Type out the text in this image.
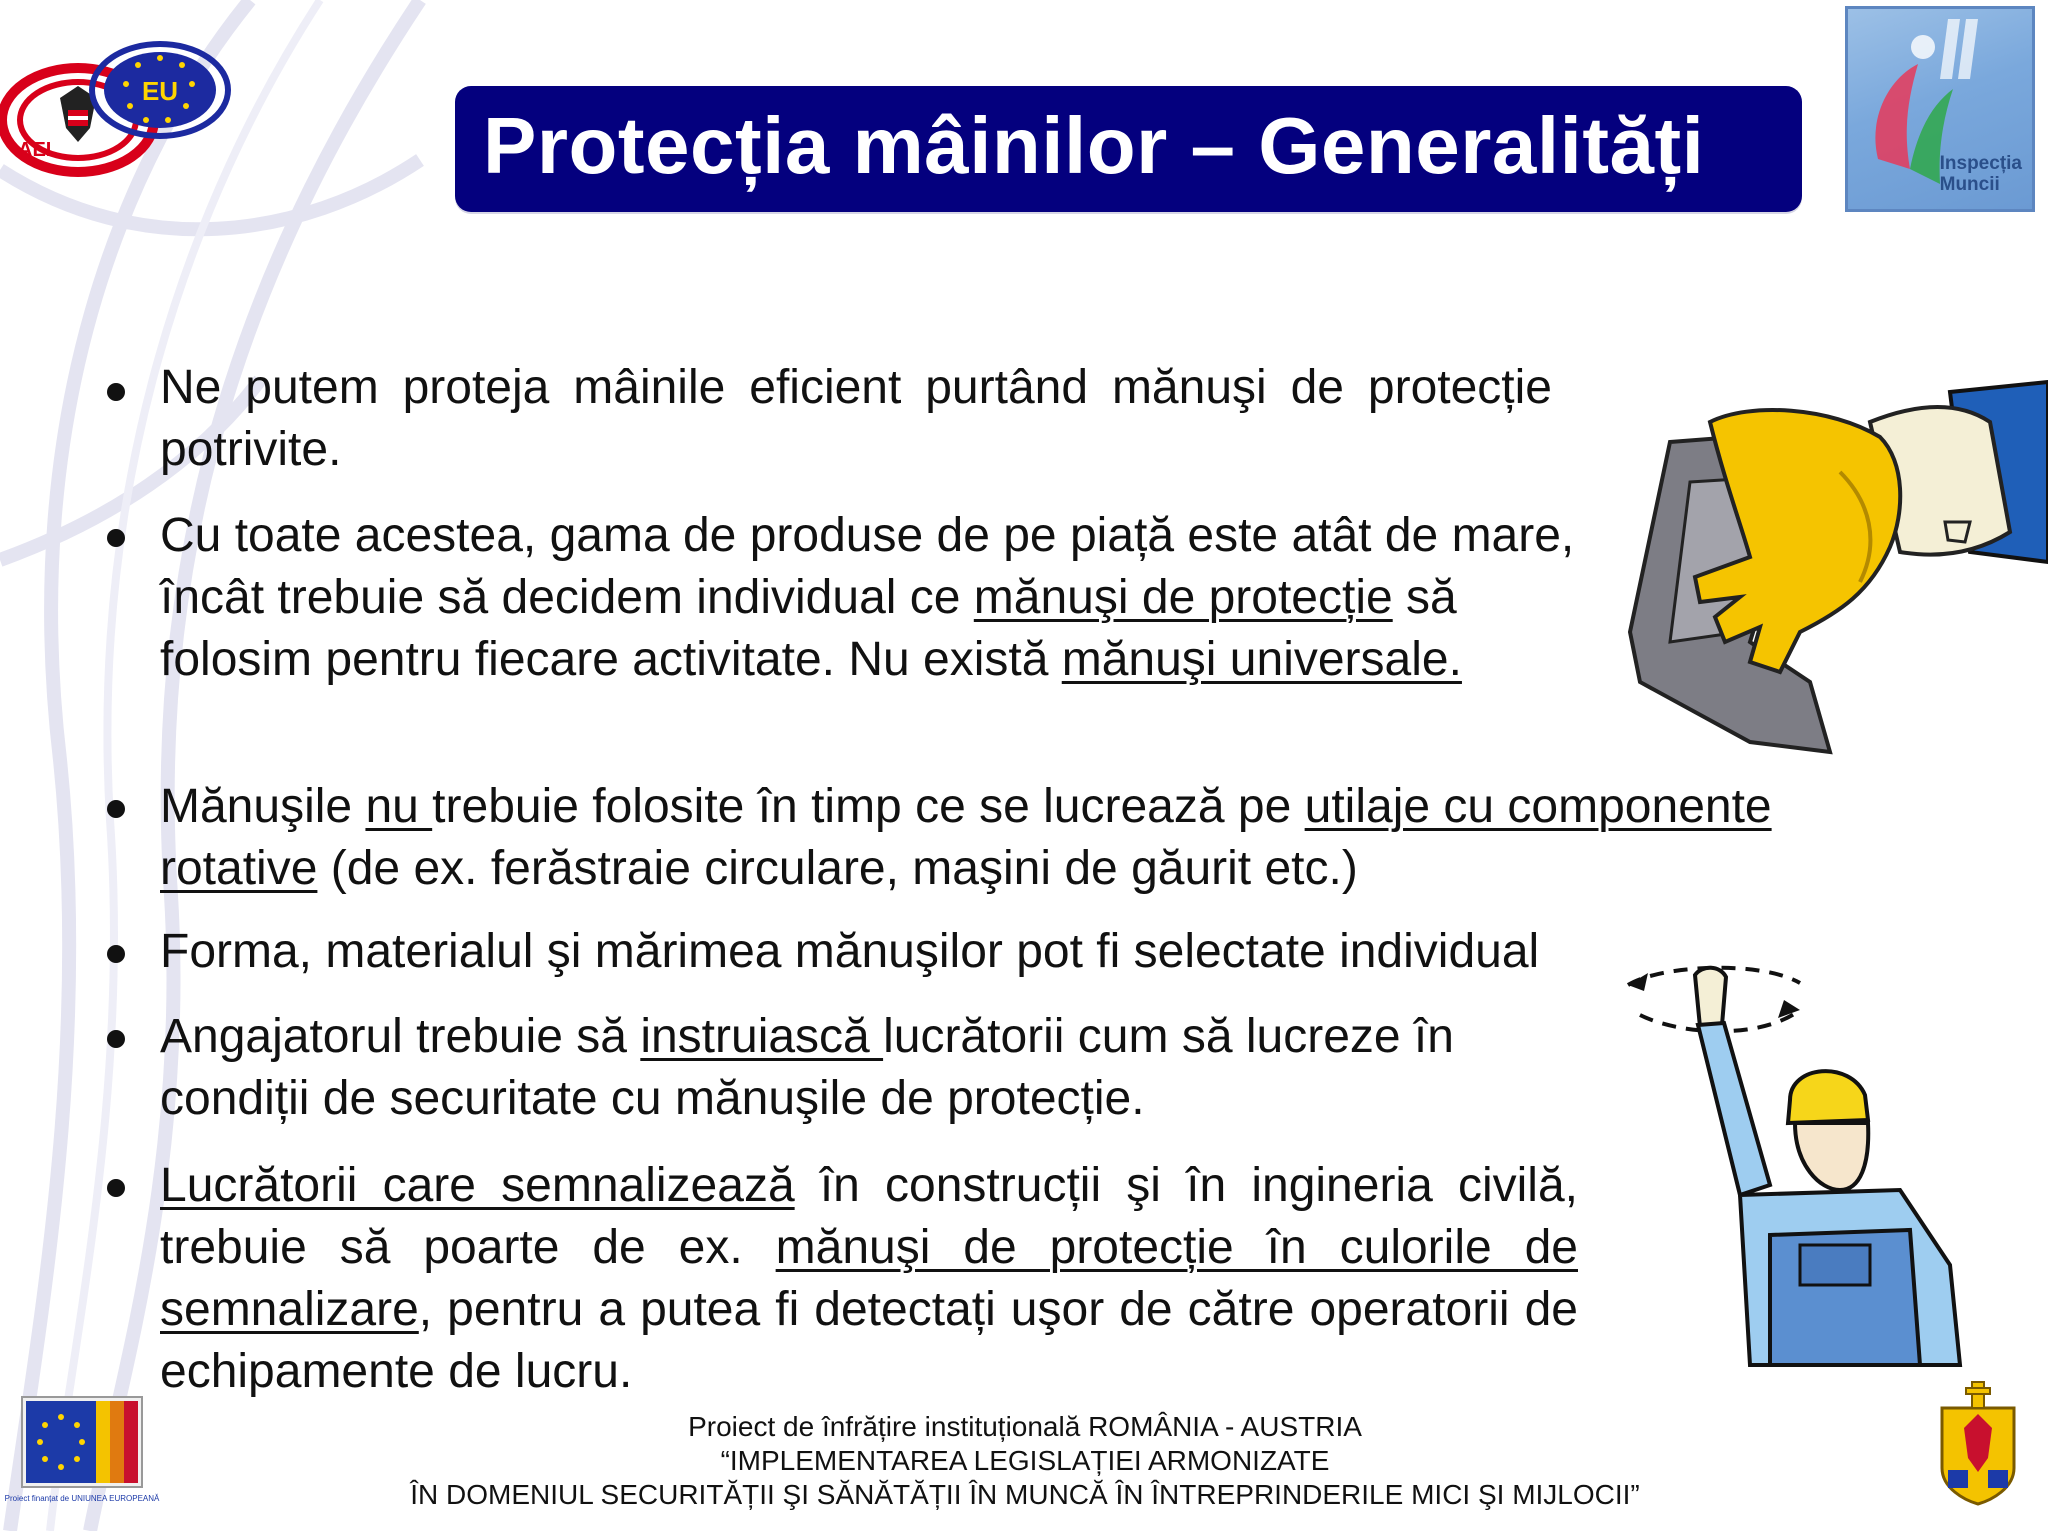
EU
AEI	Protecția mâinilor – Generalități	Inspecția
Muncii
Ne putem proteja mâinile eficient purtând mănuşi de protecție potrivite.
Cu toate acestea, gama de produse de pe piață este atât de mare, încât trebuie să decidem individual ce mănuşi de protecție să folosim pentru fiecare activitate. Nu există mănuşi universale.
Mănuşile nu trebuie folosite în timp ce se lucrează pe utilaje cu componente rotative (de ex. ferăstraie circulare, maşini de găurit etc.)
Forma, materialul şi mărimea mănuşilor pot fi selectate individual
Angajatorul trebuie să instruiască lucrătorii cum să lucreze în condiții de securitate cu mănuşile de protecție.
Lucrătorii care semnalizează în construcții şi în ingineria civilă, trebuie să poarte de ex. mănuşi de protecție în culorile de semnalizare, pentru a putea fi detectați uşor de către operatorii de echipamente de lucru.
Proiect finanțat de UNIUNEA EUROPEANĂ
Proiect de înfrățire instituțională ROMÂNIA - AUSTRIA
“IMPLEMENTAREA LEGISLAȚIEI ARMONIZATE
ÎN DOMENIUL SECURITĂȚII ŞI SĂNĂTĂȚII ÎN MUNCĂ ÎN ÎNTREPRINDERILE MICI ŞI MIJLOCII”
